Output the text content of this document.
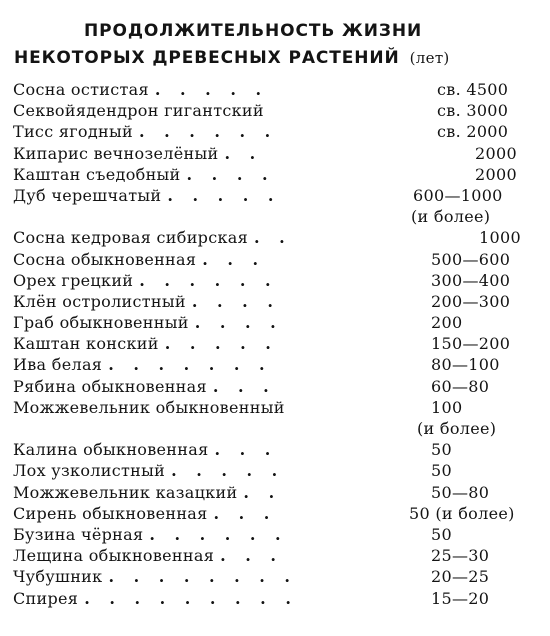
ПРОДОЛЖИТЕЛЬНОСТЬ ЖИЗНИ
НЕКОТОРЫХ ДРЕВЕСНЫХ РАСТЕНИЙ (лет)
Сосна остистая . . . . .	св. 4500
Секвойядендрон гигантский	св. 3000
Тисс ягодный . . . . . .	св. 2000
Кипарис вечнозелёный . .	2000
Каштан съедобный . . . .	2000
Дуб черешчатый . . . . .	600—1000
(и более)
Сосна кедровая сибирская . .	1000
Сосна обыкновенная . . .	500—600
Орех грецкий . . . . . .	300—400
Клён остролистный . . . .	200—300
Граб обыкновенный . . . .	200
Каштан конский . . . . .	150—200
Ива белая . . . . . . .	80—100
Рябина обыкновенная . . .	60—80
Можжевельник обыкновенный	100
(и более)
Калина обыкновенная . . .	50
Лох узколистный . . . . .	50
Можжевельник казацкий . .	50—80
Сирень обыкновенная . . .	50 (и более)
Бузина чёрная . . . . . .	50
Лещина обыкновенная . . .	25—30
Чубушник . . . . . . . .	20—25
Спирея . . . . . . . . .	15—20
